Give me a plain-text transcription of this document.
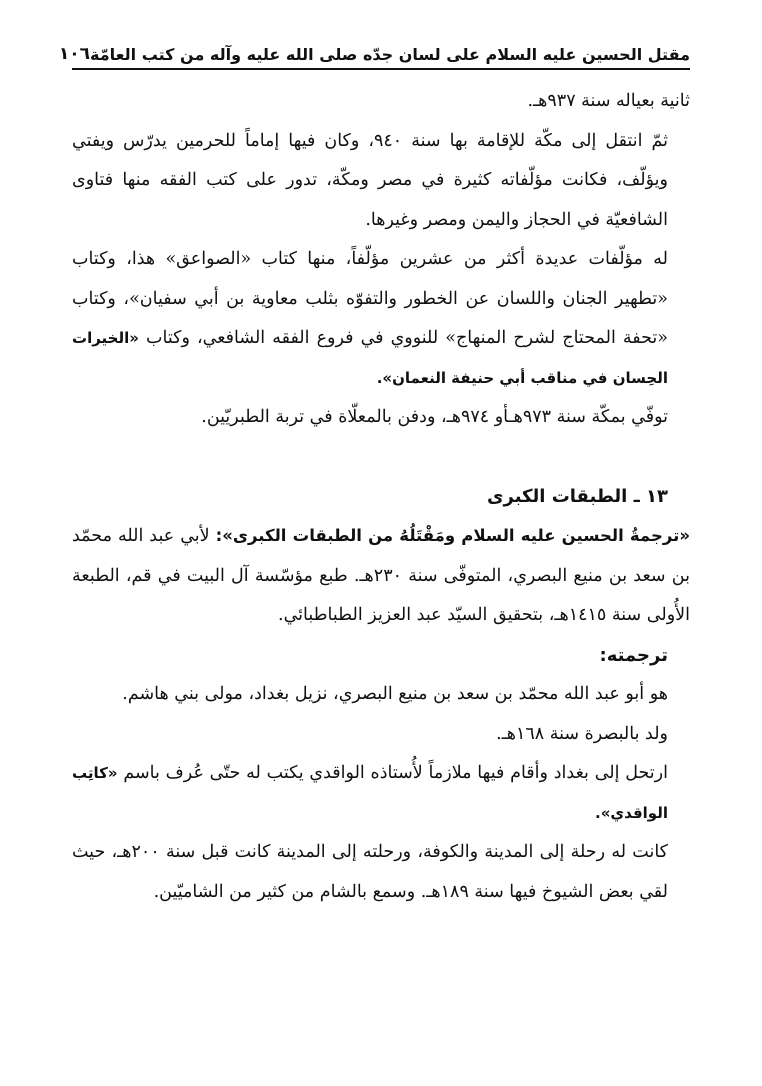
مقتل الحسين عليه السلام على لسان جدّه صلى الله عليه وآله من كتب العامّة
١٠٦

ثانية بعياله سنة ٩٣٧هـ.

ثمّ انتقل إلى مكّة للإقامة بها سنة ٩٤٠، وكان فيها إماماً للحرمين يدرّس ويفتي ويؤلّف، فكانت مؤلّفاته كثيرة في مصر ومكّة، تدور على كتب الفقه منها فتاوى الشافعيّة في الحجاز واليمن ومصر وغيرها.

له مؤلّفات عديدة أكثر من عشرين مؤلّفاً، منها كتاب «الصواعق» هذا، وكتاب «تطهير الجنان واللسان عن الخطور والتفوّه بثلب معاوية بن أبي سفيان»، وكتاب «تحفة المحتاج لشرح المنهاج» للنووي في فروع الفقه الشافعي، وكتاب «الخيرات الحِسان في مناقب أبي حنيفة النعمان».

توفّي بمكّة سنة ٩٧٣هـأو ٩٧٤هـ، ودفن بالمعلّاة في تربة الطبريّين.

١٣ ـ الطبقات الكبرى

«ترجمةُ الحسين عليه السلام ومَقْتَلُهُ من الطبقات الكبرى»: لأبي عبد الله محمّد بن سعد بن منيع البصري، المتوفّى سنة ٢٣٠هـ. طبع مؤسّسة آل البيت في قم، الطبعة الأُولى سنة ١٤١٥هـ، بتحقيق السيّد عبد العزيز الطباطبائي.

ترجمته:

هو أبو عبد الله محمّد بن سعد بن منيع البصري، نزيل بغداد، مولى بني هاشم.

ولد بالبصرة سنة ١٦٨هـ.

ارتحل إلى بغداد وأقام فيها ملازماً لأُستاذه الواقدي يكتب له حتّى عُرف باسم «كاتِب الواقدي».

كانت له رحلة إلى المدينة والكوفة، ورحلته إلى المدينة كانت قبل سنة ٢٠٠هـ، حيث لقي بعض الشيوخ فيها سنة ١٨٩هـ. وسمع بالشام من كثير من الشاميّين.
